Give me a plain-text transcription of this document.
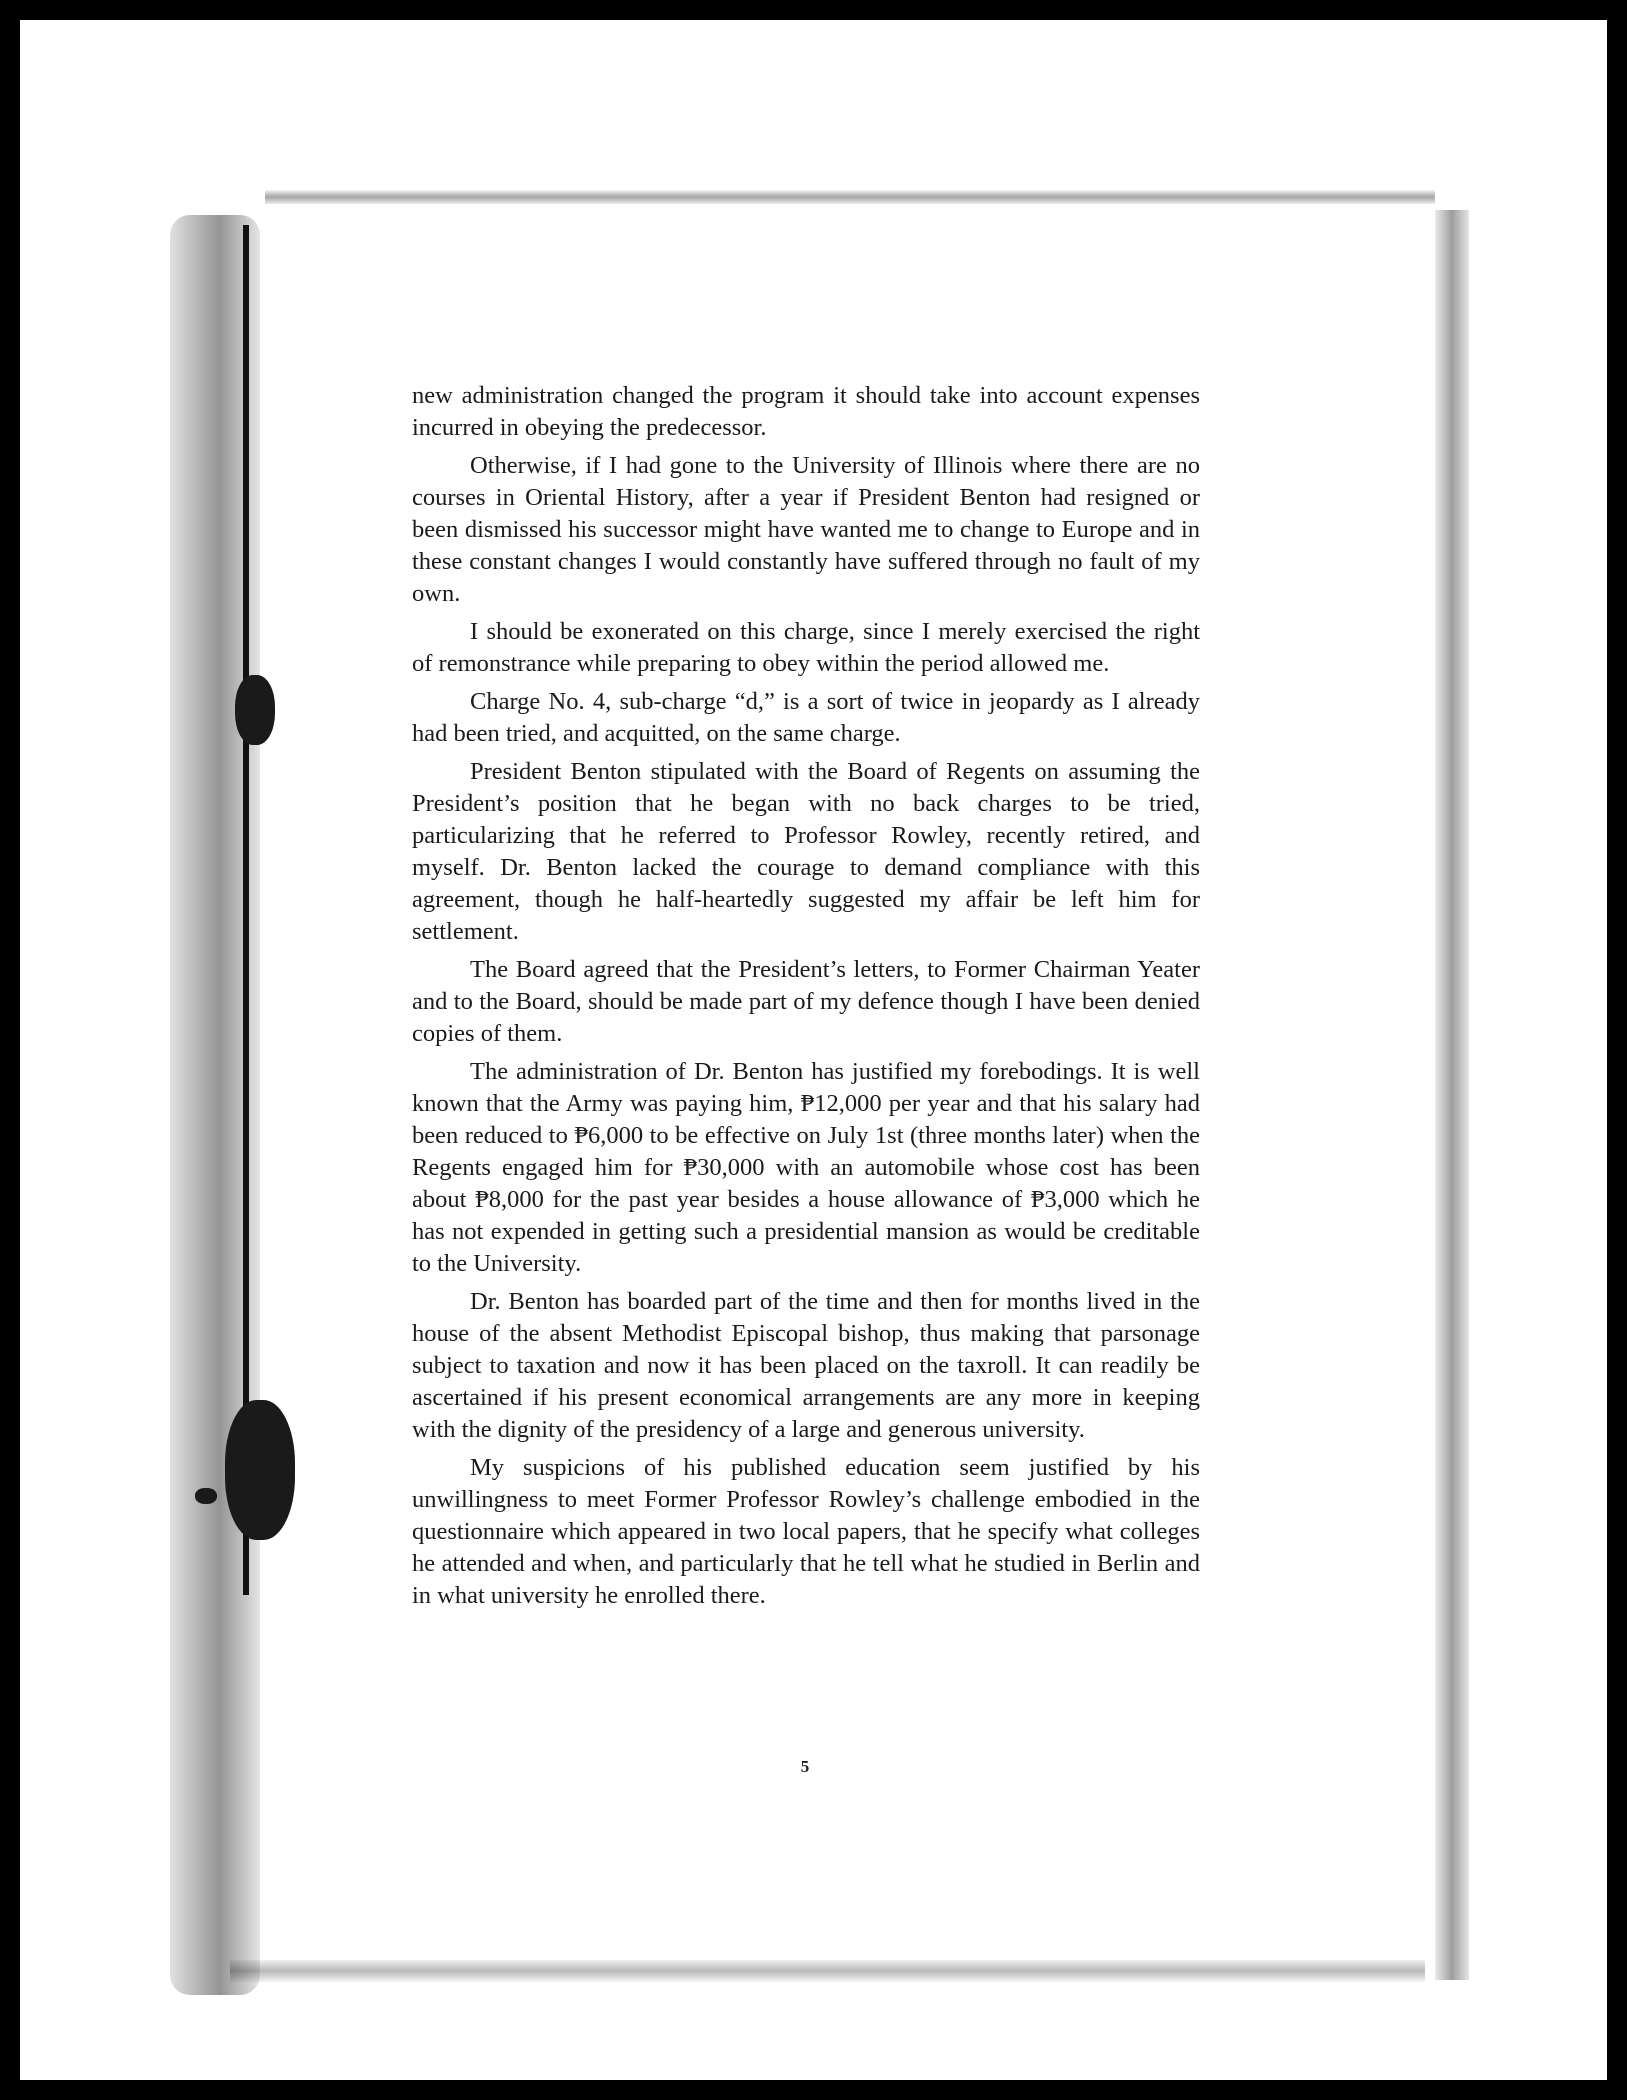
new administration changed the program it should take into account expenses incurred in obeying the predecessor.

Otherwise, if I had gone to the University of Illinois where there are no courses in Oriental History, after a year if President Benton had resigned or been dismissed his successor might have wanted me to change to Europe and in these constant changes I would constantly have suffered through no fault of my own.

I should be exonerated on this charge, since I merely exercised the right of remonstrance while preparing to obey within the period allowed me.

Charge No. 4, sub-charge “d,” is a sort of twice in jeopardy as I already had been tried, and acquitted, on the same charge.

President Benton stipulated with the Board of Regents on assuming the President’s position that he began with no back charges to be tried, particularizing that he referred to Professor Rowley, recently retired, and myself. Dr. Benton lacked the courage to demand compliance with this agreement, though he half-heartedly suggested my affair be left him for settlement.

The Board agreed that the President’s letters, to Former Chairman Yeater and to the Board, should be made part of my defence though I have been denied copies of them.

The administration of Dr. Benton has justified my forebodings. It is well known that the Army was paying him, ₱12,000 per year and that his salary had been reduced to ₱6,000 to be effective on July 1st (three months later) when the Regents engaged him for ₱30,000 with an automobile whose cost has been about ₱8,000 for the past year besides a house allowance of ₱3,000 which he has not expended in getting such a presidential mansion as would be creditable to the University.

Dr. Benton has boarded part of the time and then for months lived in the house of the absent Methodist Episcopal bishop, thus making that parsonage subject to taxation and now it has been placed on the taxroll. It can readily be ascertained if his present economical arrangements are any more in keeping with the dignity of the presidency of a large and generous university.

My suspicions of his published education seem justified by his unwillingness to meet Former Professor Rowley’s challenge embodied in the questionnaire which appeared in two local papers, that he specify what colleges he attended and when, and particularly that he tell what he studied in Berlin and in what university he enrolled there.

5
